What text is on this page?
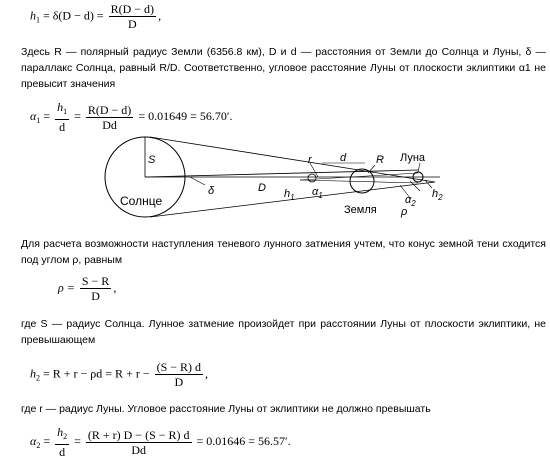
$h_1 = \delta(D - d) = \frac{R(D - d)}{D}$ ,
Здесь R — полярный радиус Земли (6356.8 км), D и d — расстояния от Земли до Солнца и Луны, δ — параллакс Солнца, равный R/D. Соответственно, угловое расстояние Луны от плоскости эклиптики α1 не превысит значения
$\alpha_1 = \frac{h_1}{d} = \frac{R(D - d)}{Dd} = 0.01649 = 56.70'$.
Солнце
S
δ	D $h_1$
r
$\alpha_1$
d	R Луна
Земля
$\alpha_2$
ρ
$h_2$
Для расчета возможности наступления теневого лунного затмения учтем, что конус земной тени сходится под углом ρ, равным
$\rho = \frac{S - R}{D}$ ,
где S — радиус Солнца. Лунное затмение произойдет при расстоянии Луны от плоскости эклиптики, не превышающем
$h_2 = R + r - \rho d = R + r - \frac{(S - R) d}{D}$ ,
где r — радиус Луны. Угловое расстояние Луны от эклиптики не должно превышать
$\alpha_2 = \frac{h_2}{d} = \frac{(R + r) D - (S - R) d}{Dd} = 0.01646 = 56.57'$.
